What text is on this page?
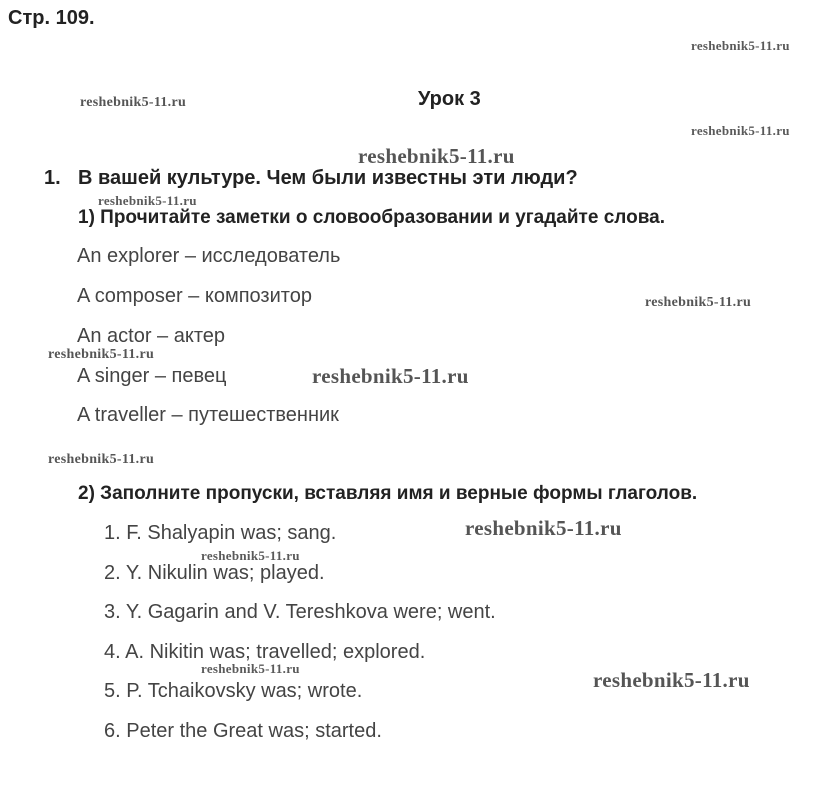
Стр. 109.
Урок 3
1. В вашей культуре. Чем были известны эти люди?
1) Прочитайте заметки о словообразовании и угадайте слова.
An explorer – исследователь
A composer – композитор
An actor – актер
A singer – певец
A traveller – путешественник
2) Заполните пропуски, вставляя имя и верные формы глаголов.
1. F. Shalyapin was; sang.
2. Y. Nikulin was; played.
3. Y. Gagarin and V. Tereshkova were; went.
4. A. Nikitin was; travelled; explored.
5. P. Tchaikovsky was; wrote.
6. Peter the Great was; started.
reshebnik5-11.ru
reshebnik5-11.ru
reshebnik5-11.ru
reshebnik5-11.ru
reshebnik5-11.ru
reshebnik5-11.ru
reshebnik5-11.ru
reshebnik5-11.ru
reshebnik5-11.ru
reshebnik5-11.ru
reshebnik5-11.ru
reshebnik5-11.ru	reshebnik5-11.ru
